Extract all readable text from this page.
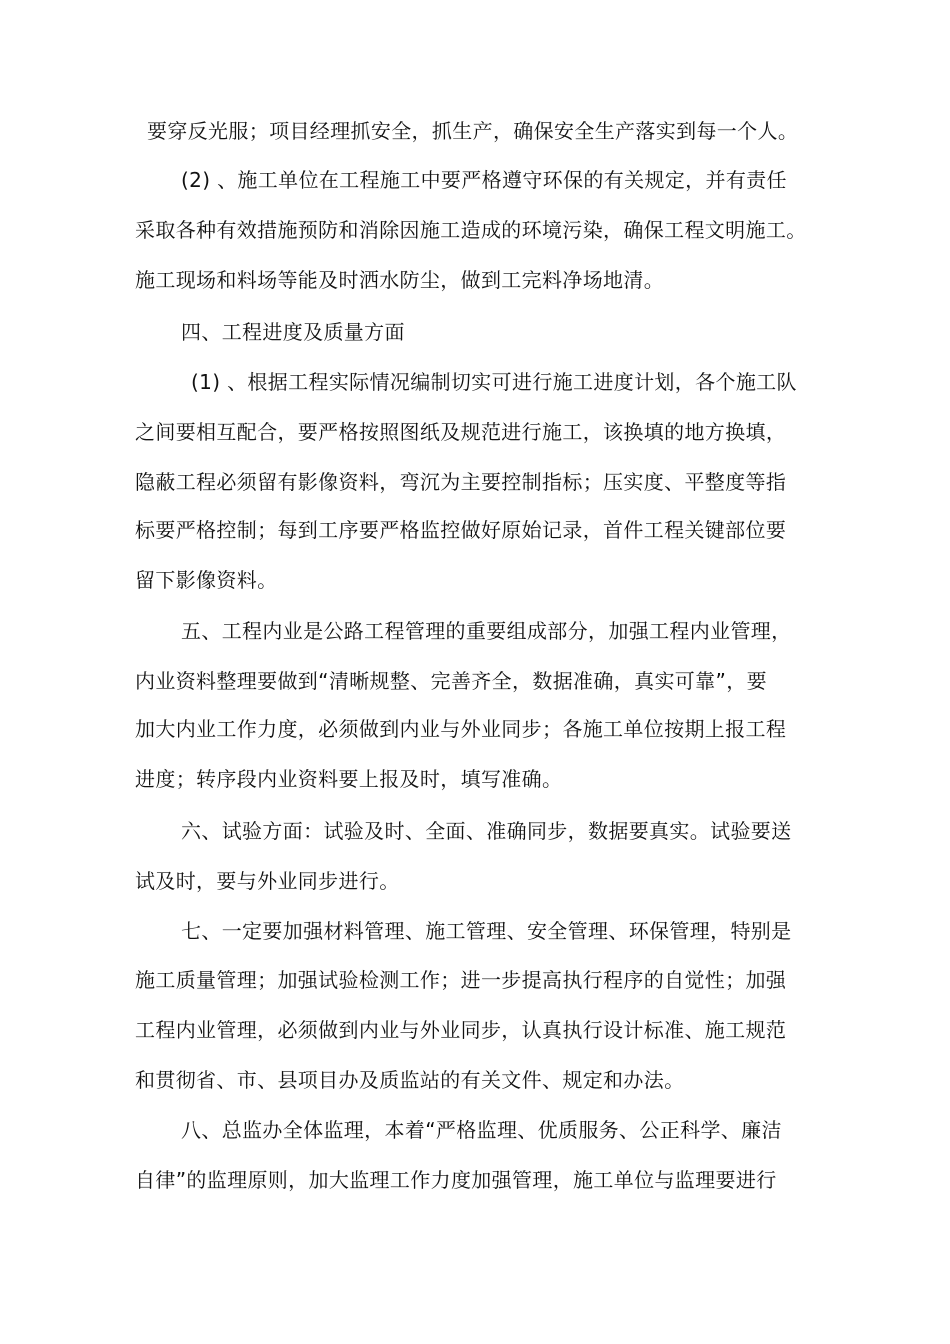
要穿反光服；项目经理抓安全，抓生产，确保安全生产落实到每一个人。
(2) 、施工单位在工程施工中要严格遵守环保的有关规定，并有责任
采取各种有效措施预防和消除因施工造成的环境污染，确保工程文明施工。
施工现场和料场等能及时洒水防尘，做到工完料净场地清。
四、工程进度及质量方面
(1) 、根据工程实际情况编制切实可进行施工进度计划，各个施工队
之间要相互配合，要严格按照图纸及规范进行施工，该换填的地方换填，
隐蔽工程必须留有影像资料，弯沉为主要控制指标；压实度、平整度等指
标要严格控制；每到工序要严格监控做好原始记录，首件工程关键部位要
留下影像资料。
五、工程内业是公路工程管理的重要组成部分，加强工程内业管理，
内业资料整理要做到“清晰规整、完善齐全，数据准确，真实可靠”，要
加大内业工作力度，必须做到内业与外业同步；各施工单位按期上报工程
进度；转序段内业资料要上报及时，填写准确。
六、试验方面：试验及时、全面、准确同步，数据要真实。试验要送
试及时，要与外业同步进行。
七、一定要加强材料管理、施工管理、安全管理、环保管理，特别是
施工质量管理；加强试验检测工作；进一步提高执行程序的自觉性；加强
工程内业管理，必须做到内业与外业同步，认真执行设计标准、施工规范
和贯彻省、市、县项目办及质监站的有关文件、规定和办法。
八、总监办全体监理，本着“严格监理、优质服务、公正科学、廉洁
自律”的监理原则，加大监理工作力度加强管理，施工单位与监理要进行
